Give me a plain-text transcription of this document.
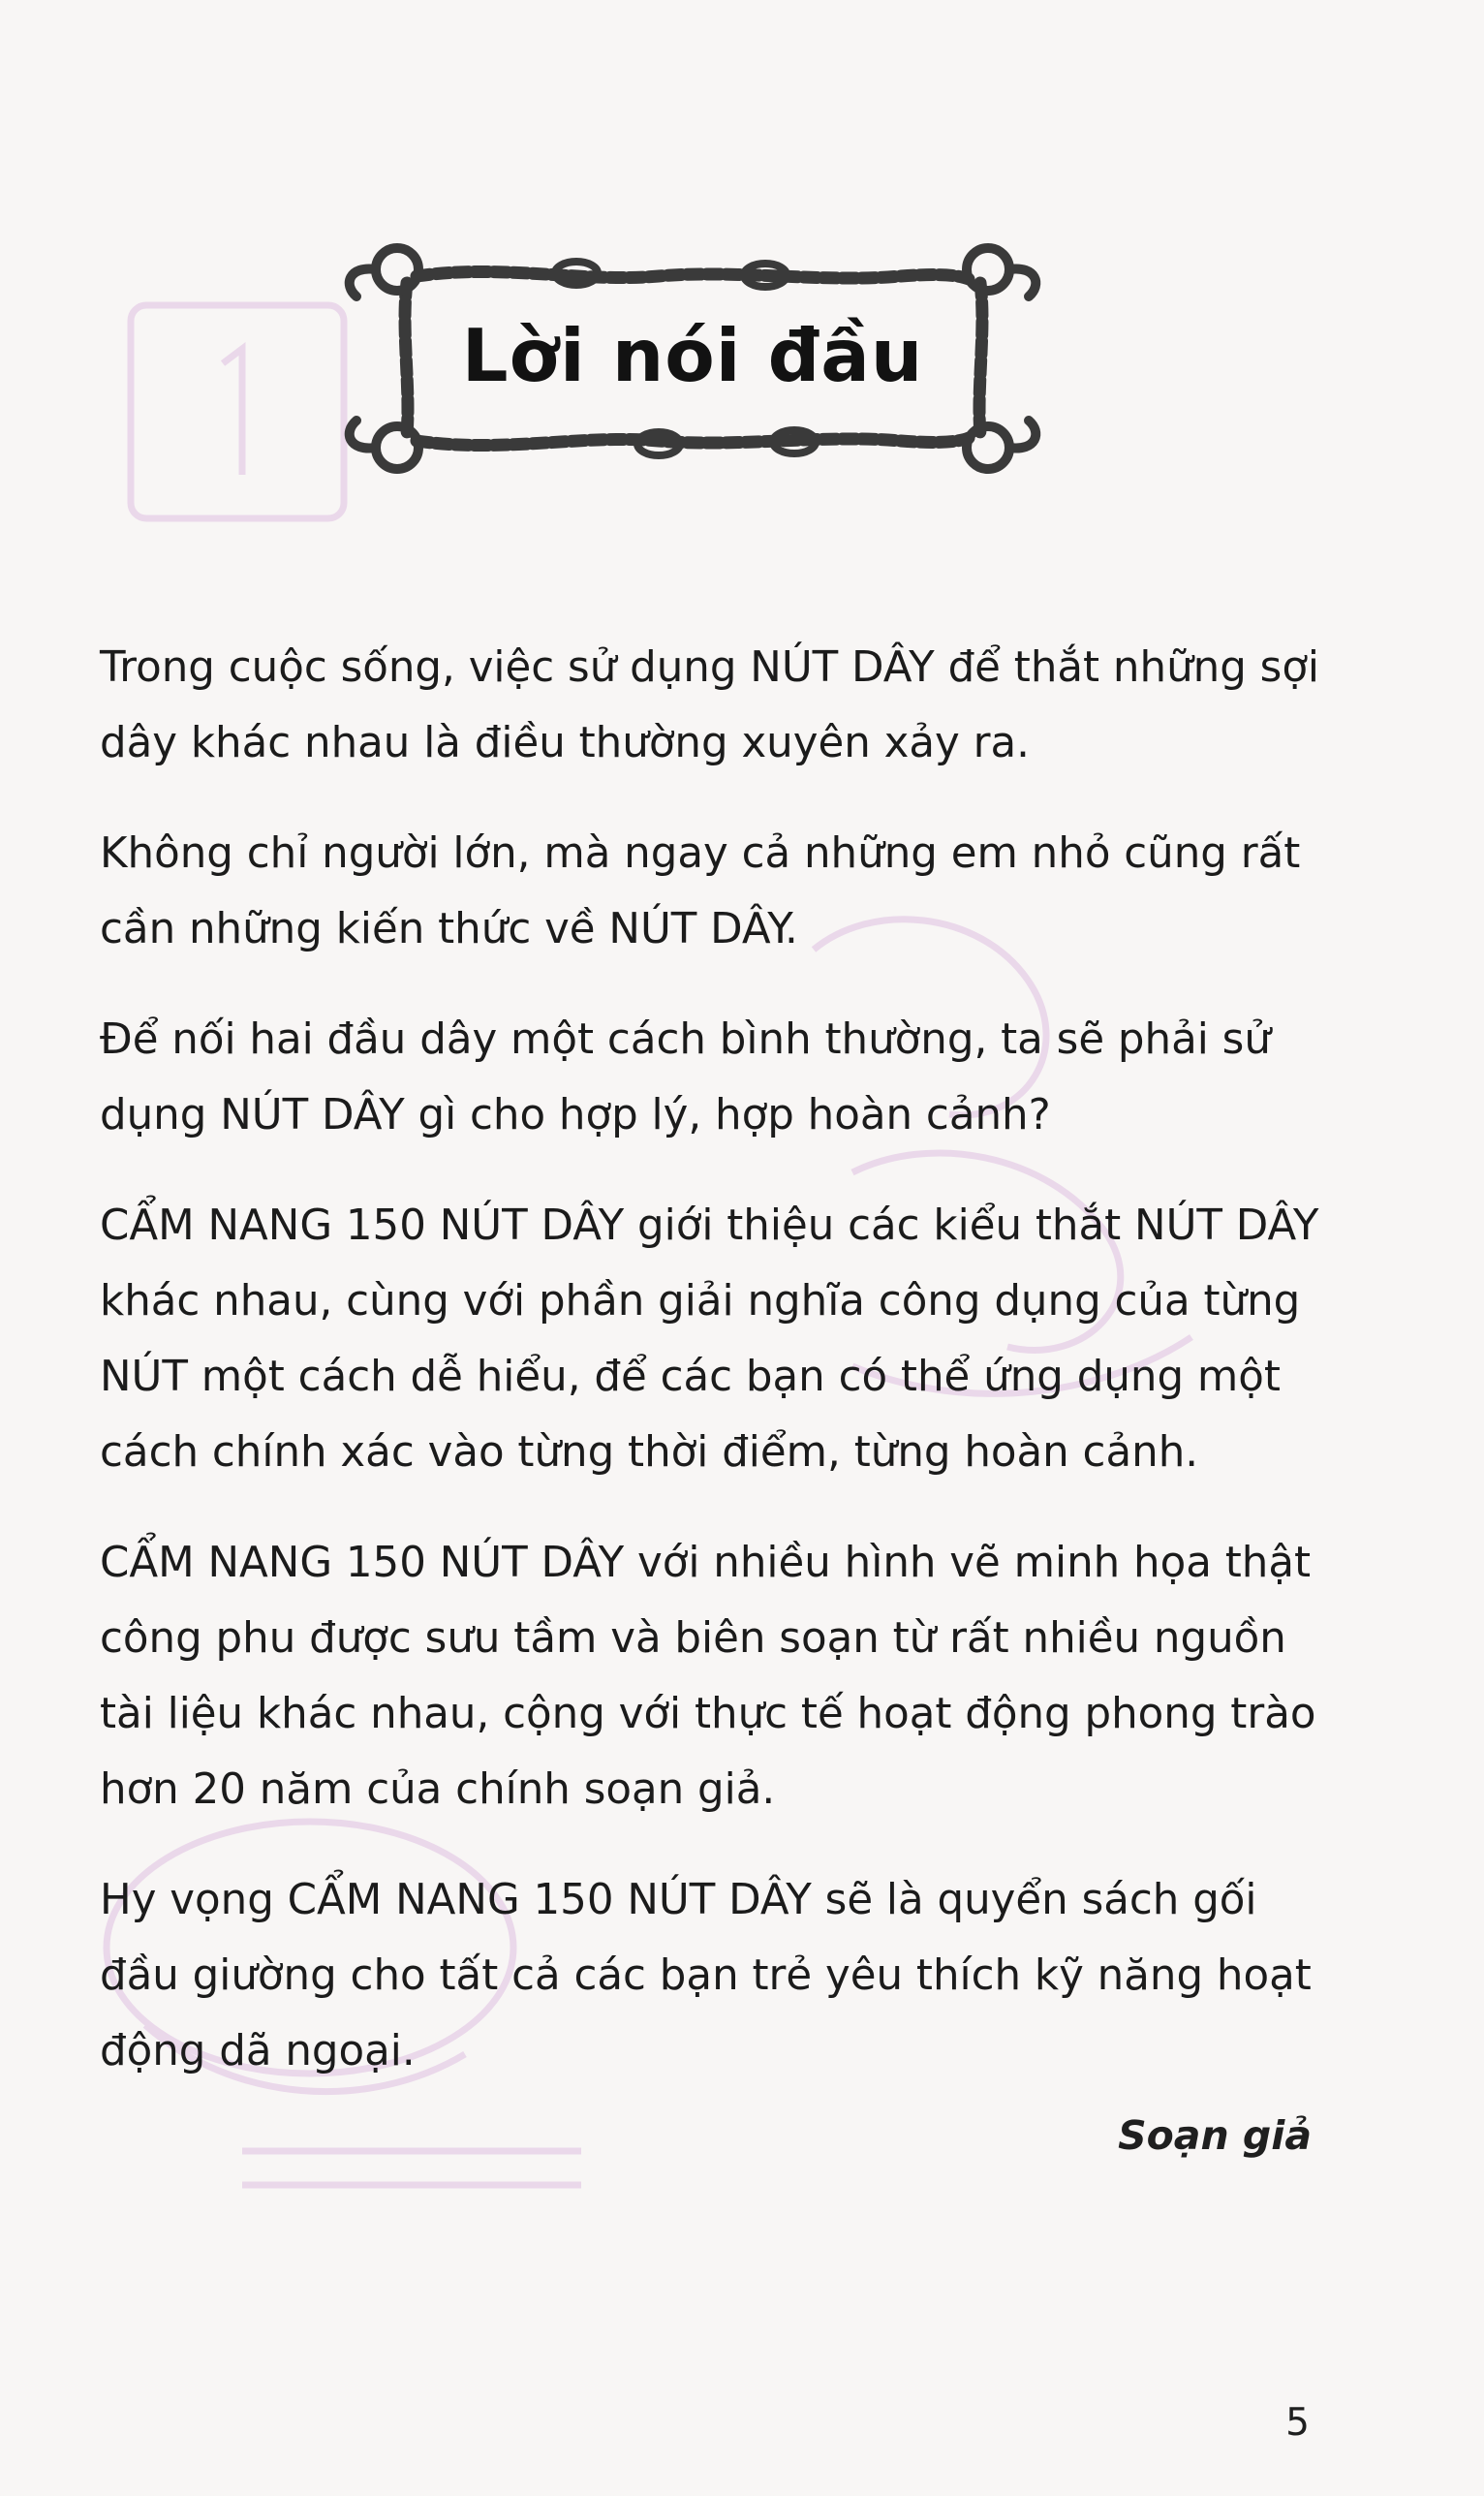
Lời nói đầu

Trong cuộc sống, việc sử dụng NÚT DÂY để thắt những sợi dây khác nhau là điều thường xuyên xảy ra.

Không chỉ người lớn, mà ngay cả những em nhỏ cũng rất cần những kiến thức về NÚT DÂY.

Để nối hai đầu dây một cách bình thường, ta sẽ phải sử dụng NÚT DÂY gì cho hợp lý, hợp hoàn cảnh?

CẨM NANG 150 NÚT DÂY giới thiệu các kiểu thắt NÚT DÂY khác nhau, cùng với phần giải nghĩa công dụng của từng NÚT một cách dễ hiểu, để các bạn có thể ứng dụng một cách chính xác vào từng thời điểm, từng hoàn cảnh.

CẨM NANG 150 NÚT DÂY với nhiều hình vẽ minh họa thật công phu được sưu tầm và biên soạn từ rất nhiều nguồn tài liệu khác nhau, cộng với thực tế hoạt động phong trào hơn 20 năm của chính soạn giả.

Hy vọng CẨM NANG 150 NÚT DÂY sẽ là quyển sách gối đầu giường cho tất cả các bạn trẻ yêu thích kỹ năng hoạt động dã ngoại.

Soạn giả
5
